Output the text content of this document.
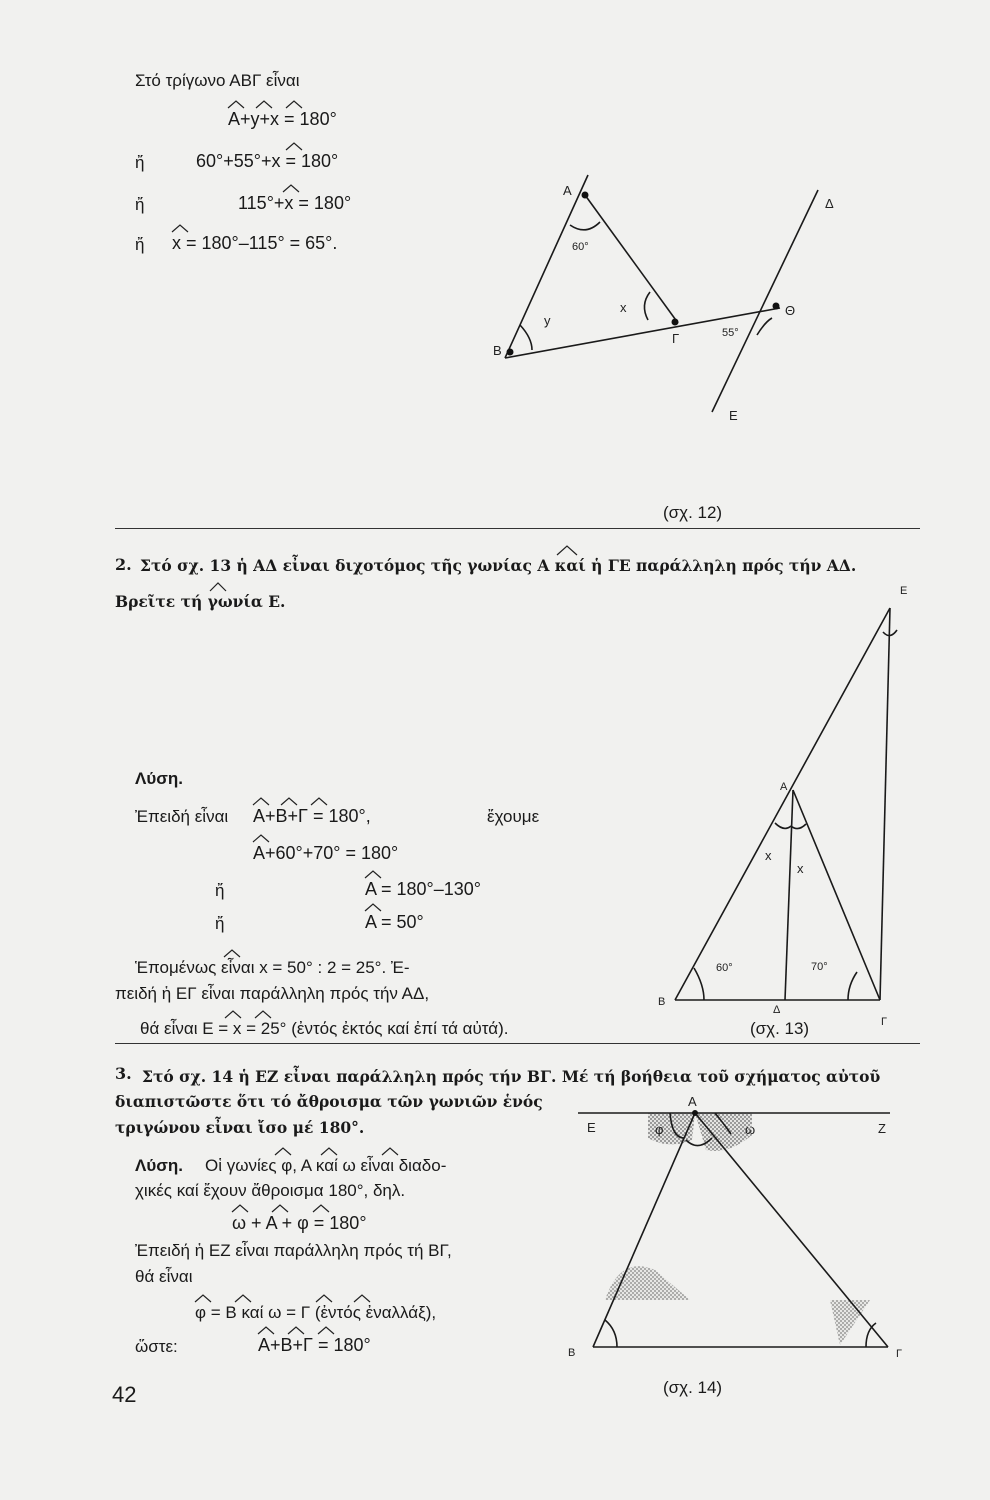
Στό τρίγωνο ΑΒΓ εἶναι
Α+y+x = 180°
ἤ	60°+55°+x = 180°
ἤ	115°+x = 180°
ἤ x = 180°–115° = 65°.
(σχ. 12)
2. Στό σχ. 13 ἡ ΑΔ εἶναι διχοτόμος τῆς γωνίας Α καί ἡ ΓΕ παράλληλη πρός τήν ΑΔ.
Βρεῖτε τή γωνία Ε.
Λύση.
Ἐπειδή εἶναι Α+Β+Γ = 180°,	ἔχουμε
Α+60°+70° = 180°
ἤ	Α = 180°–130°
ἤ	Α = 50°
Ἑπομένως εἶναι x = 50° : 2 = 25°. Ἐ-
πειδή ἡ ΕΓ εἶναι παράλληλη πρός τήν ΑΔ,
θά εἶναι Ε = x = 25° (ἐντός ἐκτός καί ἐπί τά αὐτά).	(σχ. 13)
3. Στό σχ. 14 ἡ ΕΖ εἶναι παράλληλη πρός τήν ΒΓ. Μέ τή βοήθεια τοῦ σχήματος αὐτοῦ
διαπιστῶστε ὅτι τό ἄθροισμα τῶν γωνιῶν ἑνός
τριγώνου εἶναι ἴσο μέ 180°.
Λύση. Οἱ γωνίες φ, Α καί ω εἶναι διαδο-
χικές καί ἔχουν ἄθροισμα 180°, δηλ.
ω + Α + φ = 180°
Ἐπειδή ἡ ΕΖ εἶναι παράλληλη πρός τή ΒΓ,
θά εἶναι
φ = Β καί ω = Γ (ἐντός ἐναλλάξ),
ὥστε:	Α+Β+Γ = 180°
(σχ. 14)
42
Α
Β
Γ
Δ
Ε
Θ
60°
55°
x
y
Ε
Α
Β
Γ
Δ
x
x
60°	70°
Ε	Ζ
Α
Β	Γ
φ	ω
